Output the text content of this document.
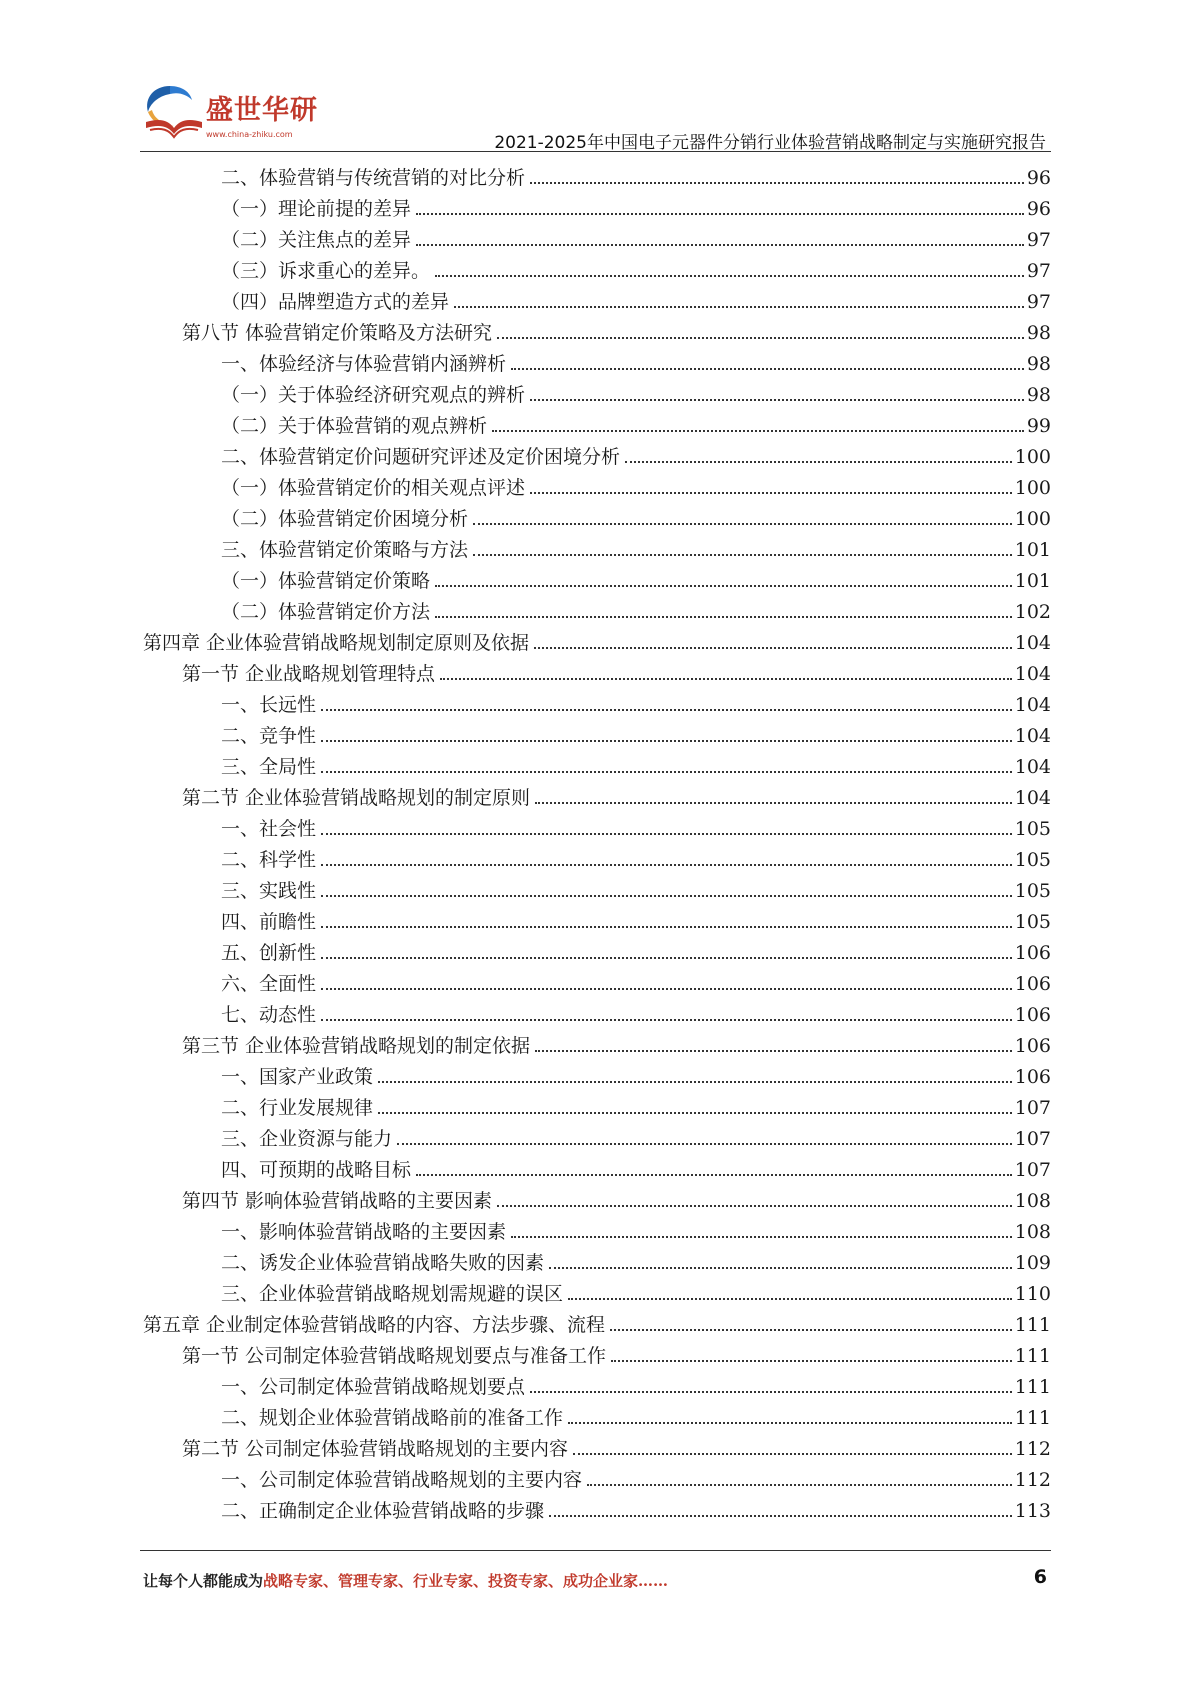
盛世华研
www.china-zhiku.com	2021-2025年中国电子元器件分销行业体验营销战略制定与实施研究报告
二、体验营销与传统营销的对比分析	96
（一）理论前提的差异	96
（二）关注焦点的差异	97
（三）诉求重心的差异。	97
（四）品牌塑造方式的差异	97
第八节 体验营销定价策略及方法研究	98
一、体验经济与体验营销内涵辨析	98
（一）关于体验经济研究观点的辨析	98
（二）关于体验营销的观点辨析	99
二、体验营销定价问题研究评述及定价困境分析	100
（一）体验营销定价的相关观点评述	100
（二）体验营销定价困境分析	100
三、体验营销定价策略与方法	101
（一）体验营销定价策略	101
（二）体验营销定价方法	102
第四章 企业体验营销战略规划制定原则及依据	104
第一节 企业战略规划管理特点	104
一、长远性	104
二、竞争性	104
三、全局性	104
第二节 企业体验营销战略规划的制定原则	104
一、社会性	105
二、科学性	105
三、实践性	105
四、前瞻性	105
五、创新性	106
六、全面性	106
七、动态性	106
第三节 企业体验营销战略规划的制定依据	106
一、国家产业政策	106
二、行业发展规律	107
三、企业资源与能力	107
四、可预期的战略目标	107
第四节 影响体验营销战略的主要因素	108
一、影响体验营销战略的主要因素	108
二、诱发企业体验营销战略失败的因素	109
三、企业体验营销战略规划需规避的误区	110
第五章 企业制定体验营销战略的内容、方法步骤、流程	111
第一节 公司制定体验营销战略规划要点与准备工作	111
一、公司制定体验营销战略规划要点	111
二、规划企业体验营销战略前的准备工作	111
第二节 公司制定体验营销战略规划的主要内容	112
一、公司制定体验营销战略规划的主要内容	112
二、正确制定企业体验营销战略的步骤	113
让每个人都能成为战略专家、管理专家、行业专家、投资专家、成功企业家……	6
